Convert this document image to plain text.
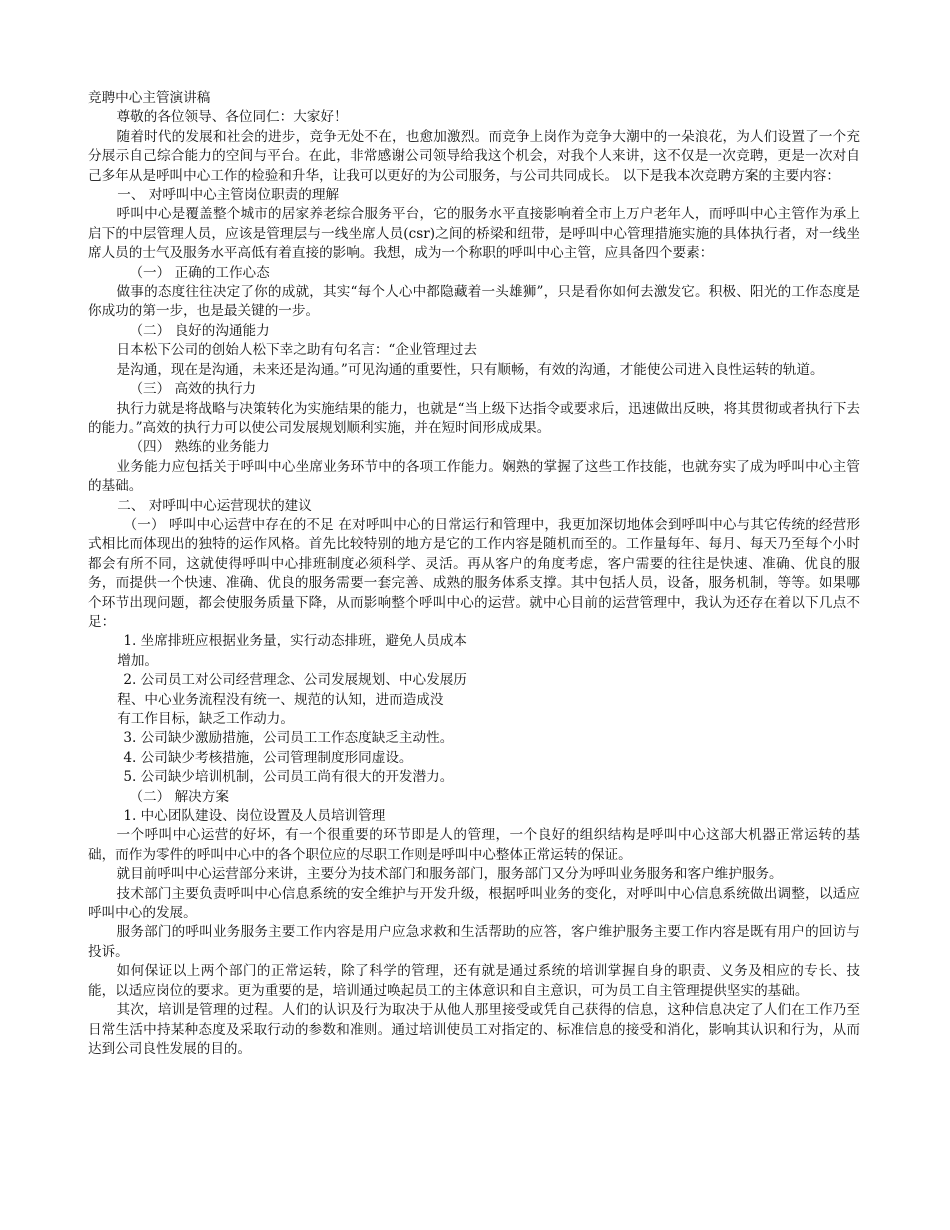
竞聘中心主管演讲稿
尊敬的各位领导、各位同仁：大家好！
随着时代的发展和社会的进步，竞争无处不在，也愈加激烈。而竞争上岗作为竞争大潮中的一朵浪花，为人们设置了一个充分展示自己综合能力的空间与平台。在此，非常感谢公司领导给我这个机会，对我个人来讲，这不仅是一次竞聘，更是一次对自己多年从是呼叫中心工作的检验和升华，让我可以更好的为公司服务，与公司共同成长。 以下是我本次竞聘方案的主要内容：
一、 对呼叫中心主管岗位职责的理解
呼叫中心是覆盖整个城市的居家养老综合服务平台，它的服务水平直接影响着全市上万户老年人，而呼叫中心主管作为承上启下的中层管理人员，应该是管理层与一线坐席人员(csr)之间的桥梁和纽带，是呼叫中心管理措施实施的具体执行者，对一线坐席人员的士气及服务水平高低有着直接的影响。我想，成为一个称职的呼叫中心主管，应具备四个要素：
（一） 正确的工作心态
做事的态度往往决定了你的成就，其实“每个人心中都隐藏着一头雄狮”，只是看你如何去激发它。积极、阳光的工作态度是你成功的第一步，也是最关键的一步。
（二） 良好的沟通能力
日本松下公司的创始人松下幸之助有句名言：“企业管理过去
是沟通，现在是沟通，未来还是沟通。”可见沟通的重要性，只有顺畅，有效的沟通，才能使公司进入良性运转的轨道。
（三） 高效的执行力
执行力就是将战略与决策转化为实施结果的能力，也就是“当上级下达指令或要求后，迅速做出反映，将其贯彻或者执行下去的能力。”高效的执行力可以使公司发展规划顺利实施，并在短时间形成成果。
（四） 熟练的业务能力
业务能力应包括关于呼叫中心坐席业务环节中的各项工作能力。娴熟的掌握了这些工作技能，也就夯实了成为呼叫中心主管的基础。
二、 对呼叫中心运营现状的建议
　（一） 呼叫中心运营中存在的不足 在对呼叫中心的日常运行和管理中，我更加深切地体会到呼叫中心与其它传统的经营形式相比而体现出的独特的运作风格。首先比较特别的地方是它的工作内容是随机而至的。工作量每年、每月、每天乃至每个小时都会有所不同，这就使得呼叫中心排班制度必须科学、灵活。再从客户的角度考虑，客户需要的往往是快速、准确、优良的服务，而提供一个快速、准确、优良的服务需要一套完善、成熟的服务体系支撑。其中包括人员，设备，服务机制，等等。如果哪个环节出现问题，都会使服务质量下降，从而影响整个呼叫中心的运营。就中心目前的运营管理中，我认为还存在着以下几点不足：
1. 坐席排班应根据业务量，实行动态排班，避免人员成本
增加。
2. 公司员工对公司经营理念、公司发展规划、中心发展历
程、中心业务流程没有统一、规范的认知，进而造成没
有工作目标，缺乏工作动力。
3. 公司缺少激励措施，公司员工工作态度缺乏主动性。
4. 公司缺少考核措施，公司管理制度形同虚设。
5. 公司缺少培训机制，公司员工尚有很大的开发潜力。
（二） 解决方案
1. 中心团队建设、岗位设置及人员培训管理
一个呼叫中心运营的好坏，有一个很重要的环节即是人的管理，一个良好的组织结构是呼叫中心这部大机器正常运转的基础，而作为零件的呼叫中心中的各个职位应的尽职工作则是呼叫中心整体正常运转的保证。
就目前呼叫中心运营部分来讲，主要分为技术部门和服务部门，服务部门又分为呼叫业务服务和客户维护服务。
技术部门主要负责呼叫中心信息系统的安全维护与开发升级，根据呼叫业务的变化，对呼叫中心信息系统做出调整，以适应呼叫中心的发展。
服务部门的呼叫业务服务主要工作内容是用户应急求救和生活帮助的应答，客户维护服务主要工作内容是既有用户的回访与投诉。
如何保证以上两个部门的正常运转，除了科学的管理，还有就是通过系统的培训掌握自身的职责、义务及相应的专长、技能，以适应岗位的要求。更为重要的是，培训通过唤起员工的主体意识和自主意识，可为员工自主管理提供坚实的基础。
其次，培训是管理的过程。人们的认识及行为取决于从他人那里接受或凭自己获得的信息，这种信息决定了人们在工作乃至日常生活中持某种态度及采取行动的参数和准则。通过培训使员工对指定的、标准信息的接受和消化，影响其认识和行为，从而达到公司良性发展的目的。
